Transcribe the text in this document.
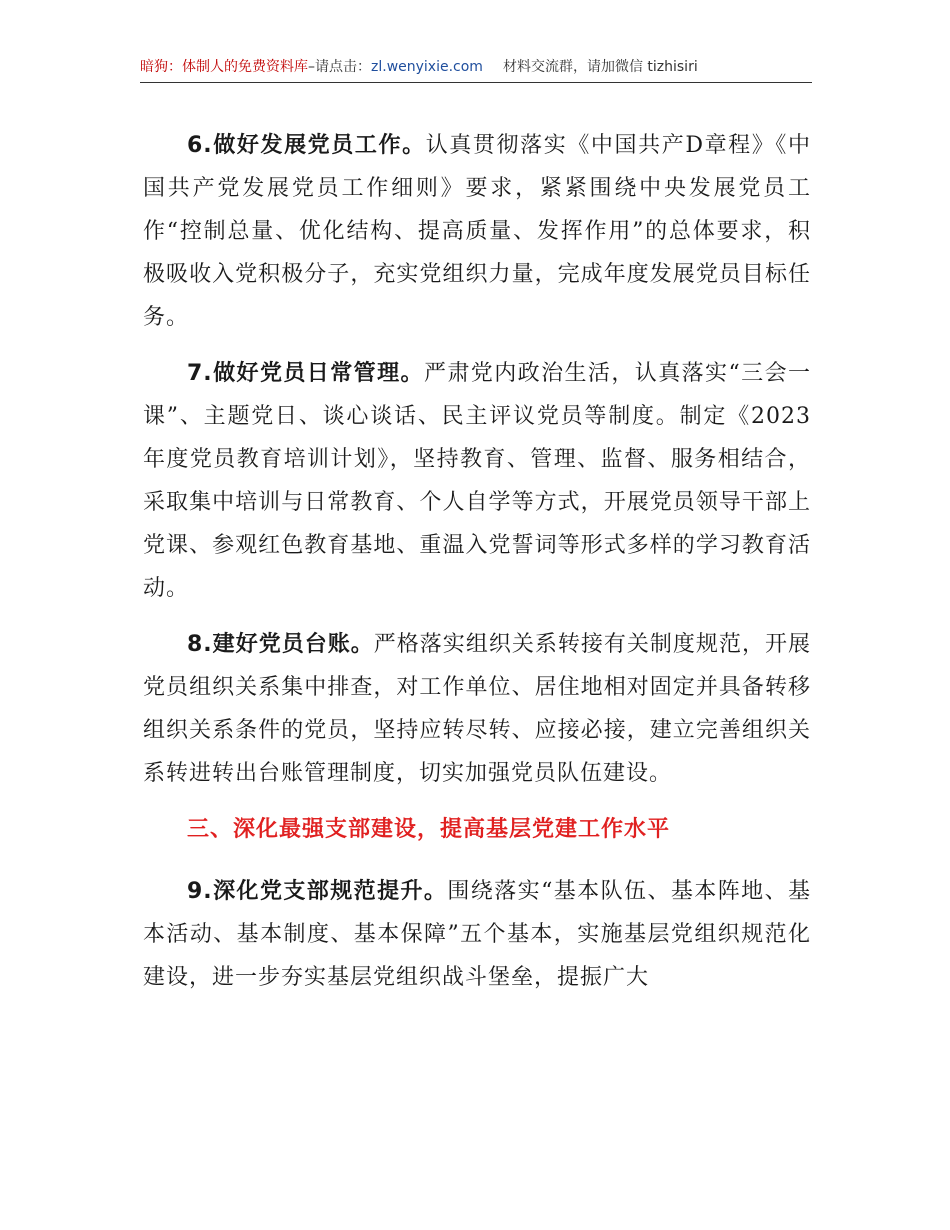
暗狗：体制人的免费资料库–请点击：zl.wenyixie.com 材料交流群，请加微信 tizhisiri

6.做好发展党员工作。认真贯彻落实《中国共产D章程》《中国共产党发展党员工作细则》要求，紧紧围绕中央发展党员工作“控制总量、优化结构、提高质量、发挥作用”的总体要求，积极吸收入党积极分子，充实党组织力量，完成年度发展党员目标任务。

7.做好党员日常管理。严肃党内政治生活，认真落实“三会一课”、主题党日、谈心谈话、民主评议党员等制度。制定《2023年度党员教育培训计划》，坚持教育、管理、监督、服务相结合，采取集中培训与日常教育、个人自学等方式，开展党员领导干部上党课、参观红色教育基地、重温入党誓词等形式多样的学习教育活动。

8.建好党员台账。严格落实组织关系转接有关制度规范，开展党员组织关系集中排查，对工作单位、居住地相对固定并具备转移组织关系条件的党员，坚持应转尽转、应接必接，建立完善组织关系转进转出台账管理制度，切实加强党员队伍建设。

三、深化最强支部建设，提高基层党建工作水平

9.深化党支部规范提升。围绕落实“基本队伍、基本阵地、基本活动、基本制度、基本保障”五个基本，实施基层党组织规范化建设，进一步夯实基层党组织战斗堡垒，提振广大
